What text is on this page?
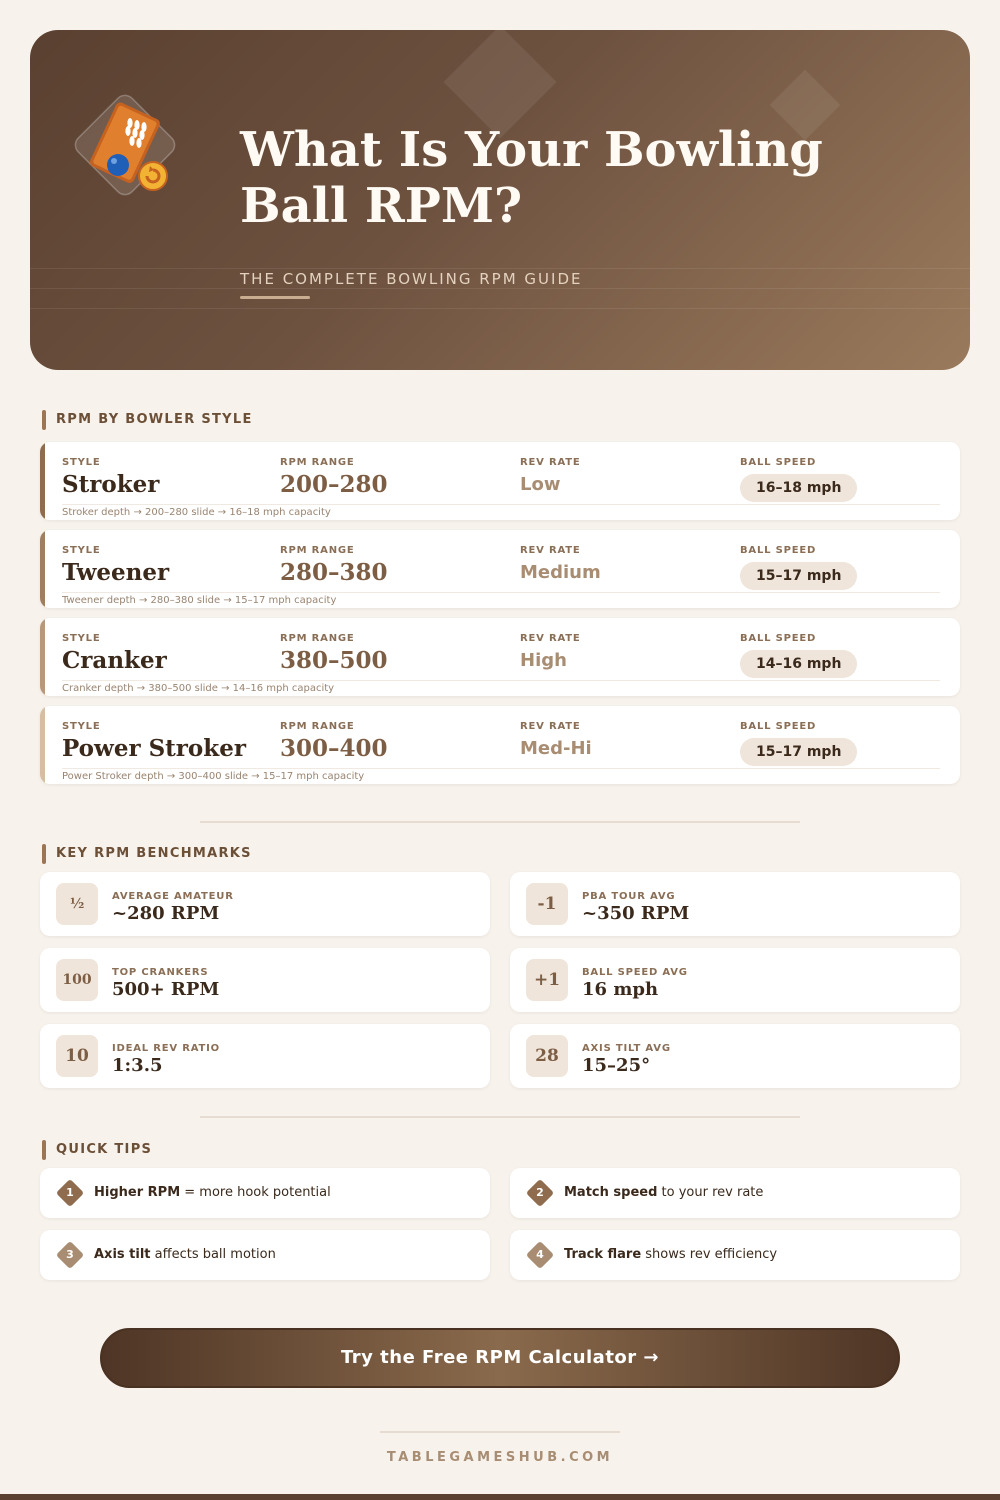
What Is Your Bowling Ball RPM?
THE COMPLETE BOWLING RPM GUIDE
RPM BY BOWLER STYLE
STYLE
Stroker
RPM RANGE
200–280
REV RATE
Low
BALL SPEED
16–18 mph
Stroker depth → 200–280 slide → 16–18 mph capacity
STYLE
Tweener
RPM RANGE
280–380
REV RATE
Medium
BALL SPEED
15–17 mph
Tweener depth → 280–380 slide → 15–17 mph capacity
STYLE
Cranker
RPM RANGE
380–500
REV RATE
High
BALL SPEED
14–16 mph
Cranker depth → 380–500 slide → 14–16 mph capacity
STYLE
Power Stroker
RPM RANGE
300–400
REV RATE
Med-Hi
BALL SPEED
15–17 mph
Power Stroker depth → 300–400 slide → 15–17 mph capacity
KEY RPM BENCHMARKS
½	AVERAGE AMATEUR
~280 RPM	-1	PBA TOUR AVG
~350 RPM
100	TOP CRANKERS
500+ RPM	+1	BALL SPEED AVG
16 mph
10	IDEAL REV RATIO
1:3.5	28	AXIS TILT AVG
15–25°
QUICK TIPS
1	Higher RPM = more hook potential	2	Match speed to your rev rate
3	Axis tilt affects ball motion	4	Track flare shows rev efficiency
Try the Free RPM Calculator →
TABLEGAMESHUB.COM
